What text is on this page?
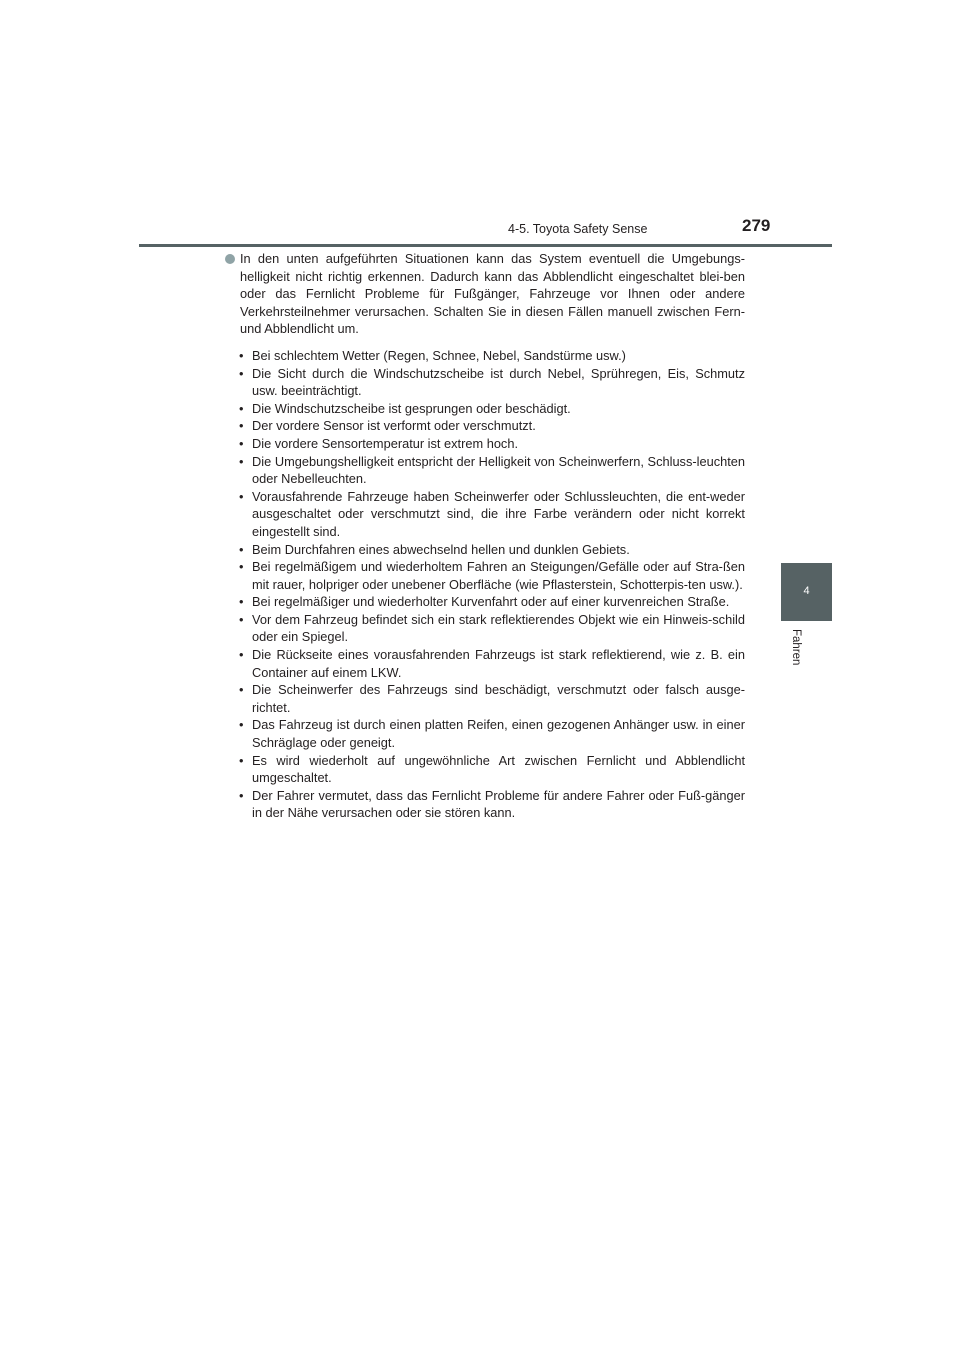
4-5. Toyota Safety Sense	279
4
Fahren
In den unten aufgeführten Situationen kann das System eventuell die Umgebungs-helligkeit nicht richtig erkennen. Dadurch kann das Abblendlicht eingeschaltet blei-ben oder das Fernlicht Probleme für Fußgänger, Fahrzeuge vor Ihnen oder andere Verkehrsteilnehmer verursachen. Schalten Sie in diesen Fällen manuell zwischen Fern- und Abblendlicht um.
• Bei schlechtem Wetter (Regen, Schnee, Nebel, Sandstürme usw.)
• Die Sicht durch die Windschutzscheibe ist durch Nebel, Sprühregen, Eis, Schmutz usw. beeinträchtigt.
• Die Windschutzscheibe ist gesprungen oder beschädigt.
• Der vordere Sensor ist verformt oder verschmutzt.
• Die vordere Sensortemperatur ist extrem hoch.
• Die Umgebungshelligkeit entspricht der Helligkeit von Scheinwerfern, Schluss-leuchten oder Nebelleuchten.
• Vorausfahrende Fahrzeuge haben Scheinwerfer oder Schlussleuchten, die ent-weder ausgeschaltet oder verschmutzt sind, die ihre Farbe verändern oder nicht korrekt eingestellt sind.
• Beim Durchfahren eines abwechselnd hellen und dunklen Gebiets.
• Bei regelmäßigem und wiederholtem Fahren an Steigungen/Gefälle oder auf Stra-ßen mit rauer, holpriger oder unebener Oberfläche (wie Pflasterstein, Schotterpis-ten usw.).
• Bei regelmäßiger und wiederholter Kurvenfahrt oder auf einer kurvenreichen Straße.
• Vor dem Fahrzeug befindet sich ein stark reflektierendes Objekt wie ein Hinweis-schild oder ein Spiegel.
• Die Rückseite eines vorausfahrenden Fahrzeugs ist stark reflektierend, wie z. B. ein Container auf einem LKW.
• Die Scheinwerfer des Fahrzeugs sind beschädigt, verschmutzt oder falsch ausge-richtet.
• Das Fahrzeug ist durch einen platten Reifen, einen gezogenen Anhänger usw. in einer Schräglage oder geneigt.
• Es wird wiederholt auf ungewöhnliche Art zwischen Fernlicht und Abblendlicht umgeschaltet.
• Der Fahrer vermutet, dass das Fernlicht Probleme für andere Fahrer oder Fuß-gänger in der Nähe verursachen oder sie stören kann.
